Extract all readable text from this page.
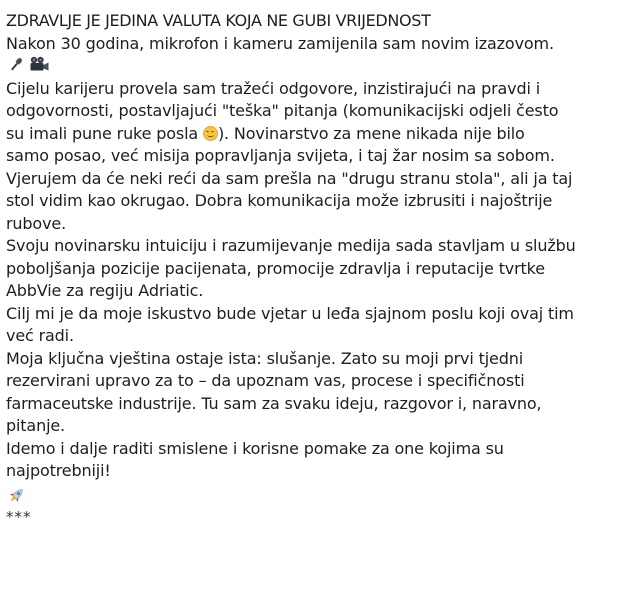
ZDRAVLJE JE JEDINA VALUTA KOJA NE GUBI VRIJEDNOST
Nakon 30 godina, mikrofon i kameru zamijenila sam novim izazovom.
Cijelu karijeru provela sam tražeći odgovore, inzistirajući na pravdi i
odgovornosti, postavljajući "teška" pitanja (komunikacijski odjeli često
su imali pune ruke posla ). Novinarstvo za mene nikada nije bilo
samo posao, već misija popravljanja svijeta, i taj žar nosim sa sobom.
Vjerujem da će neki reći da sam prešla na "drugu stranu stola", ali ja taj
stol vidim kao okrugao. Dobra komunikacija može izbrusiti i najoštrije
rubove.
Svoju novinarsku intuiciju i razumijevanje medija sada stavljam u službu
poboljšanja pozicije pacijenata, promocije zdravlja i reputacije tvrtke
AbbVie za regiju Adriatic.
Cilj mi je da moje iskustvo bude vjetar u leđa sjajnom poslu koji ovaj tim
već radi.
Moja ključna vještina ostaje ista: slušanje. Zato su moji prvi tjedni
rezervirani upravo za to – da upoznam vas, procese i specifičnosti
farmaceutske industrije. Tu sam za svaku ideju, razgovor i, naravno,
pitanje.
Idemo i dalje raditi smislene i korisne pomake za one kojima su
najpotrebniji!
***
